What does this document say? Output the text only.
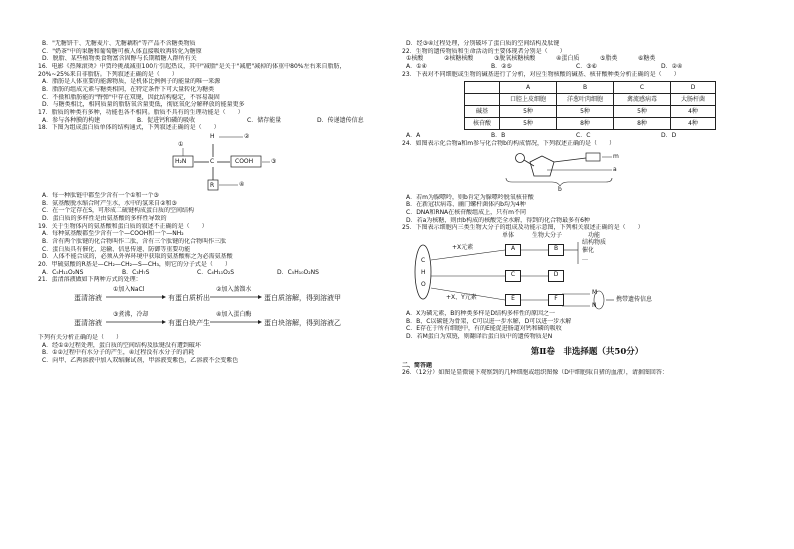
B．"无糖饼干、无糖麦片、无糖藕粉"等产品不含糖类物质
C．"奶茶"中的果糖和葡萄糖可被人体直接吸收再转化为糖原
D．脱脂、某些植物类食物富含固醇与长期精糖人群所有关
16．电影《热辣滚烫》中贾玲挑战减重100斤引起热议，其中"减脂"是关于"减肥"减掉的体重中80%左右来自脂肪，
20%~25%来自非脂肪。下列叙述正确的是（　　）
A．脂肪是人体重要的能源物质，是机体比例例子的能量的唯一来源
B．脂肪的组成元素与糖类相同，在特定条件下可大量转化为糖类
C．不摄和脂肪能的"臀弹"中存在双键，因此结构稳定，不容易凝固
D．与糖类相比，相同质量的脂肪氧含量更低，彻底氧化分解释放的能量更多
17．脂质的种类有多种，功能也各不相同。脂质不具有的生理功能是（　　）
A．参与各种膜的构建	B．促进钙和磷的吸收	C．储存能量	D．传递遗传信息
18．下图为组成蛋白质单体的结构通式，下列叙述正确的是（　　）
H	②
①
H₂N	C	COOH	③
R	④
A．每一种肽链中都至少含有一个①和一个③
B．氨基酸脱水缩合时产生水，水中的氢来自②和③
C．在一个定存在S，可形成二硫键构成蛋白质的空间结构
D．蛋白质的多样性是由氨基酸的多样性导致的
19．关于生物体内的氨基酸和蛋白质的叙述不正确的是（　　）
A．每种氨基酸都至少含有一个—COOH和一个—NH₂
B．含有两个肽键的化合物叫作二肽，含有三个肽键的化合物叫作三肽
C．蛋白质具有催化、运输、信息传递、防御等重要功能
D．人体不能合成的，必须从外界环境中获取的氨基酸称之为必需氨基酸
20．甲硫氨酸的R基是—CH₂—CH₂—S—CH₃，则它的分子式是（　　）
A．C₅H₁₁O₂NS	B．C₃H₇S	C．C₄H₁₁O₂S	D．C₅H₁₀O₂NS
21．蛋清溶液做如下两种方式的处理：
①加入NaCl	②加入蒸馏水
蛋清溶液	有蛋白质析出	蛋白质溶解，得到溶液甲
③煮沸，冷却	④加入蛋白酶
蛋清溶液	有蛋白块产生	蛋白块溶解，得到溶液乙
下列有关分析正确的是（　　）
A．经①②过程处理，蛋白质的空间结构及肽键没有遭到破坏
B．①②过程中有水分子的产生，④过程没有水分子的消耗
C．向甲、乙两溶液中加入双缩脲试剂，甲溶液变紫色，乙溶液不会变紫色
D．经③④过程处理，分别破坏了蛋白质的空间结构及肽键
22．生物的遗传物质和生命活动的主要体现者分别是（　　）
①核酸	②核糖核酸	③脱氧核糖核酸	④蛋白质	⑤脂类	⑥糖类
A．①④	B．②⑤	C．③⑥	D．②④
23．下表对不同细胞或生物的碱基进行了分析，对应生物核酸的碱基、核苷酸种类分析正确的是（　　）
	A	B	C	D
	口腔上皮细胞	洋葱叶肉细胞	禽流感病毒	大肠杆菌
碱基	5种	5种	5种	4种
核苷酸	5种	8种	8种	4种
A．A	B．B	C．C	D．D
24．如图表示化合物a和m参与化合物b的构成情况，下列叙述正确的是（　　）
m
a
b
A．若m为腺嘌呤，则b肯定为腺嘌呤脱氧核苷酸
B．在新冠状病毒、幽门螺杆菌体内b均为4种
C．DNA和RNA在核苷酸组成上，只有m不同
D．若a为核糖，则由b构成的核酸完全水解，得到的化合物最多有6种
25．下图表示细胞内三类生物大分子的组成及功能示意图，下列相关叙述正确的是（　　）
单体	生物大分子	功能
C
H
O
+X元素
+X、Y元素
A	B
C	D
E	F
结构物质
催化
…
M
N
携带遗传信息
A．X为磷元素，B的种类多样是D结构多样性的原因之一
B．B、C以碳链为骨架，C可以进一步水解，D可以进一步水解
C．E存在于所有细胞中，有的E能促进肠道对钙和磷的吸收
D．若M蛋白为双链，则翻译后蛋白质中的遗传物质是N
第Ⅱ卷　非选择题（共50分）
二、简答题
26．（12分）如图是显微镜下观察到的几种细胞或组织图像（D中细胞取自猪的血液），请据图回答：
